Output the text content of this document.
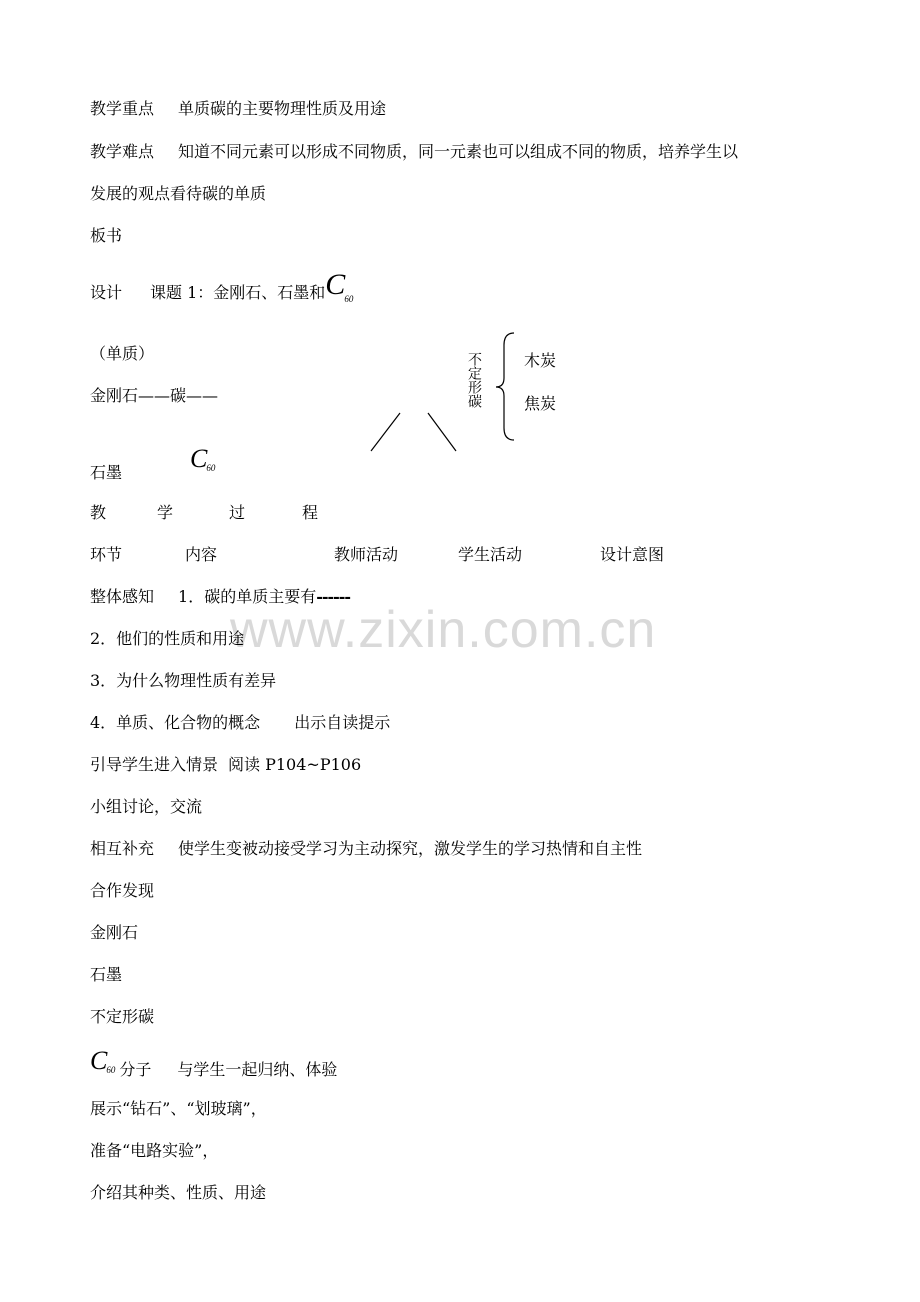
www.zixin.com.cn
教学重点 单质碳的主要物理性质及用途
教学难点 知道不同元素可以形成不同物质，同一元素也可以组成不同的物质，培养学生以
发展的观点看待碳的单质
板书
设计 课题 1：金刚石、石墨和$C_{60}$
（单质）
金刚石——碳——
石墨	$C_{60}$
不定形碳	木炭
焦炭
教	学	过	程
环节	内容	教师活动	学生活动	设计意图
整体感知 1．碳的单质主要有------
2．他们的性质和用途
3．为什么物理性质有差异
4．单质、化合物的概念 出示自读提示
引导学生进入情景 阅读 P104~P106
小组讨论，交流
相互补充 使学生变被动接受学习为主动探究，激发学生的学习热情和自主性
合作发现
金刚石
石墨
不定形碳
$C_{60}$ 分子 与学生一起归纳、体验
展示“钻石”、“划玻璃”，
准备“电路实验”，
介绍其种类、性质、用途
